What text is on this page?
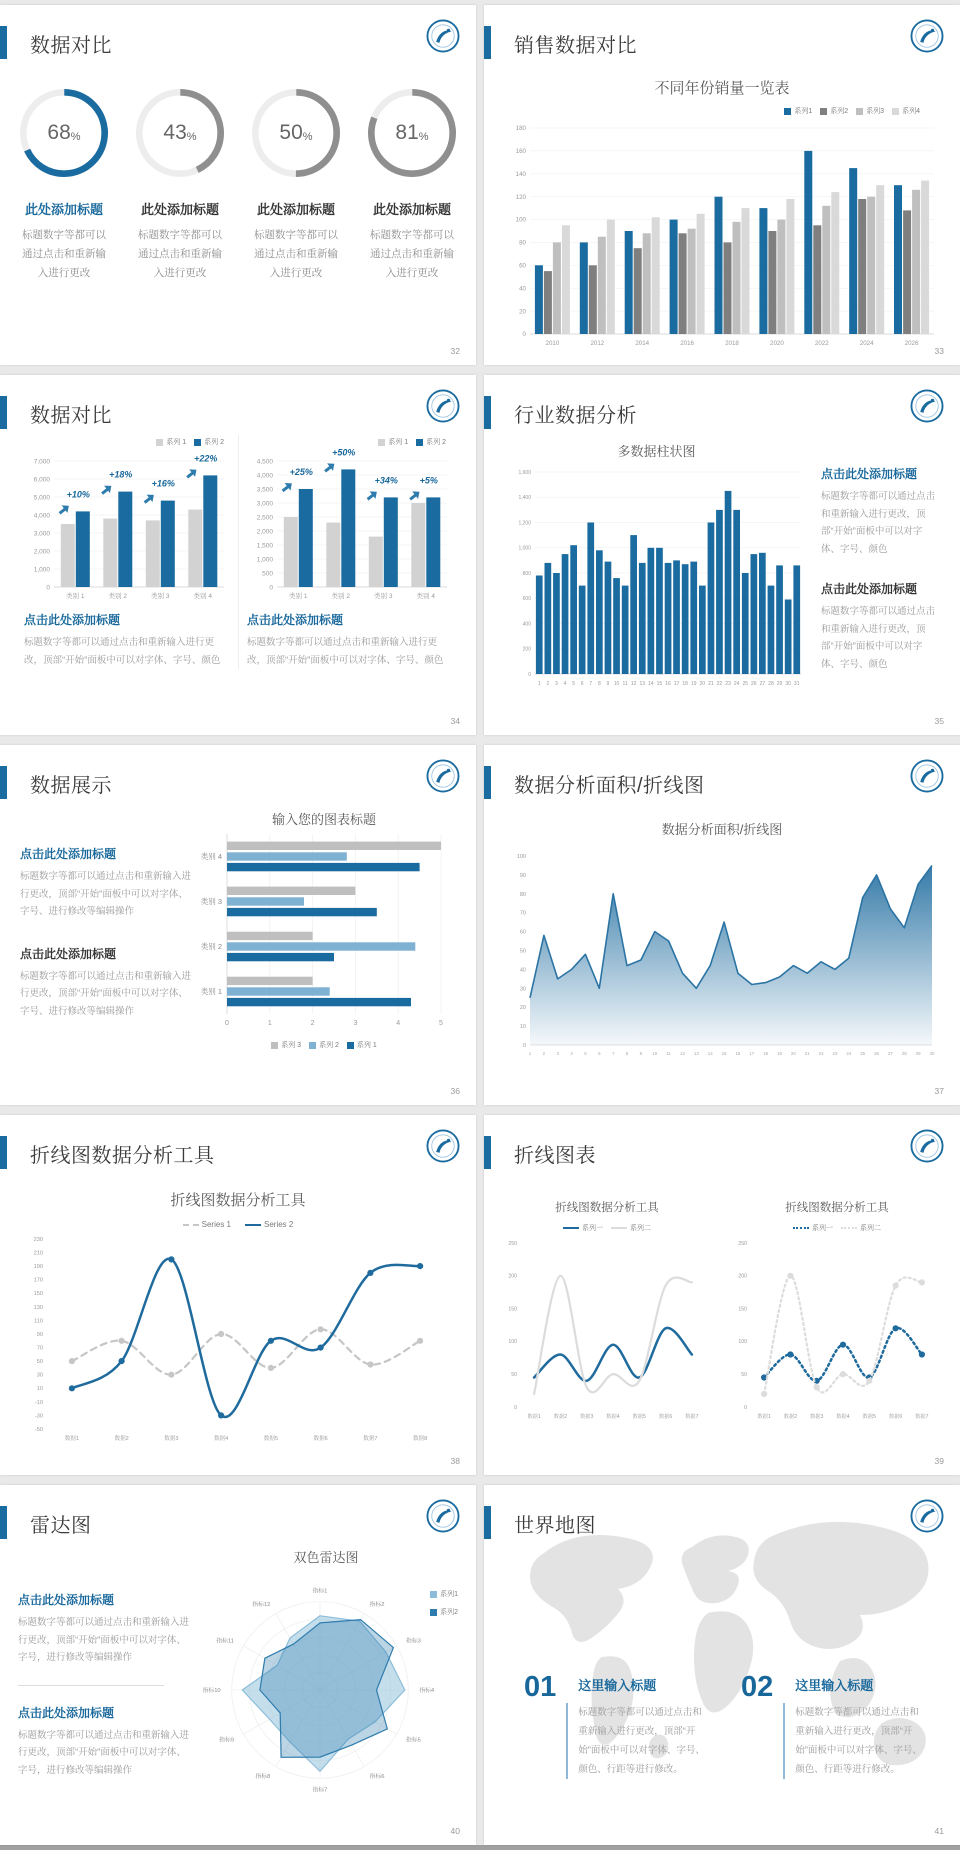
数据对比
68 %
此处添加标题
标题数字等都可以通过点击和重新输入进行更改
43 %
此处添加标题
标题数字等都可以通过点击和重新输入进行更改
50 %
此处添加标题
标题数字等都可以通过点击和重新输入进行更改
81 %
此处添加标题
标题数字等都可以通过点击和重新输入进行更改
32
销售数据对比
不同年份销量一览表
系列1	系列2	系列3	系列4
0
20
40
60
80
100
120
140
160
180
2010	2012	2014	2016	2018	2020	2022	2024	2026
33
数据对比
系列 1	系列 2
0
1,000
2,000
3,000
4,000
5,000
6,000
7,000
类别 1	类别 2	类别 3	类别 4
+10%
+18%
+16%
+22%
点击此处添加标题
标题数字等都可以通过点击和重新输入进行更改，顶部“开始”面板中可以对字体、字号、颜色
系列 1	系列 2
0
500
1,000
1,500
2,000
2,500
3,000
3,500
4,000
4,500
类别 1	类别 2	类别 3	类别 4
+25%
+50%
+34% +5%
点击此处添加标题
标题数字等都可以通过点击和重新输入进行更改，顶部“开始”面板中可以对字体、字号、颜色
34
行业数据分析
多数据柱状图
0
200
400
600
800
1,000
1,200
1,400
1,600
1 2 3 4 5 6 7 8 9 10 11 12 13 14 15 16 17 18 19 20 21 22 23 24 25 26 27 28 29 30 31
点击此处添加标题
标题数字等都可以通过点击和重新输入进行更改，顶部“开始”面板中可以对字体、字号、颜色
点击此处添加标题
标题数字等都可以通过点击和重新输入进行更改，顶部“开始”面板中可以对字体、字号、颜色
35
数据展示
点击此处添加标题
标题数字等都可以通过点击和重新输入进行更改，顶部“开始”面板中可以对字体、字号、进行修改等编辑操作
点击此处添加标题
标题数字等都可以通过点击和重新输入进行更改，顶部“开始”面板中可以对字体、字号、进行修改等编辑操作
输入您的图表标题
0	1	2	3	4	5
类别 4
类别 3
类别 2
类别 1
系列 3	系列 2	系列 1
36
数据分析面积/折线图
数据分析面积/折线图
0
10
20
30
40
50
60
70
80
90
100
1	2	3	4	5	6	7	8	9 10 11 12 13 14 15 16 17 18 19 20 21 22 23 24 25 26 27 28 29 30
37
折线图数据分析工具
折线图数据分析工具
Series 1	Series 2
-50
-30
-10
10
30
50
70
90
110
130
150
170
190
210
230
数据1	数据2	数据3	数据4	数据5	数据6	数据7	数据8
38
折线图表
折线图数据分析工具
系列一	系列二
0
50
100
150
200
250
数据1	数据2	数据3	数据4	数据5	数据6	数据7
折线图数据分析工具
系列一	系列二
0
50
100
150
200
250
数据1	数据2	数据3	数据4	数据5	数据6	数据7
39
雷达图
点击此处添加标题
标题数字等都可以通过点击和重新输入进行更改，顶部“开始”面板中可以对字体、字号，进行修改等编辑操作
点击此处添加标题
标题数字等都可以通过点击和重新输入进行更改，顶部“开始”面板中可以对字体、字号，进行修改等编辑操作
双色雷达图
指标1
指标2
指标3
指标4
指标5
指标6
指标7
指标8
指标9
指标10
指标11
指标12
系列1
系列2
40
世界地图
01	这里输入标题
标题数字等都可以通过点击和重新输入进行更改，顶部“开始”面板中可以对字体、字号、颜色、行距等进行修改。
02	这里输入标题
标题数字等都可以通过点击和重新输入进行更改，顶部“开始”面板中可以对字体、字号、颜色、行距等进行修改。
41
